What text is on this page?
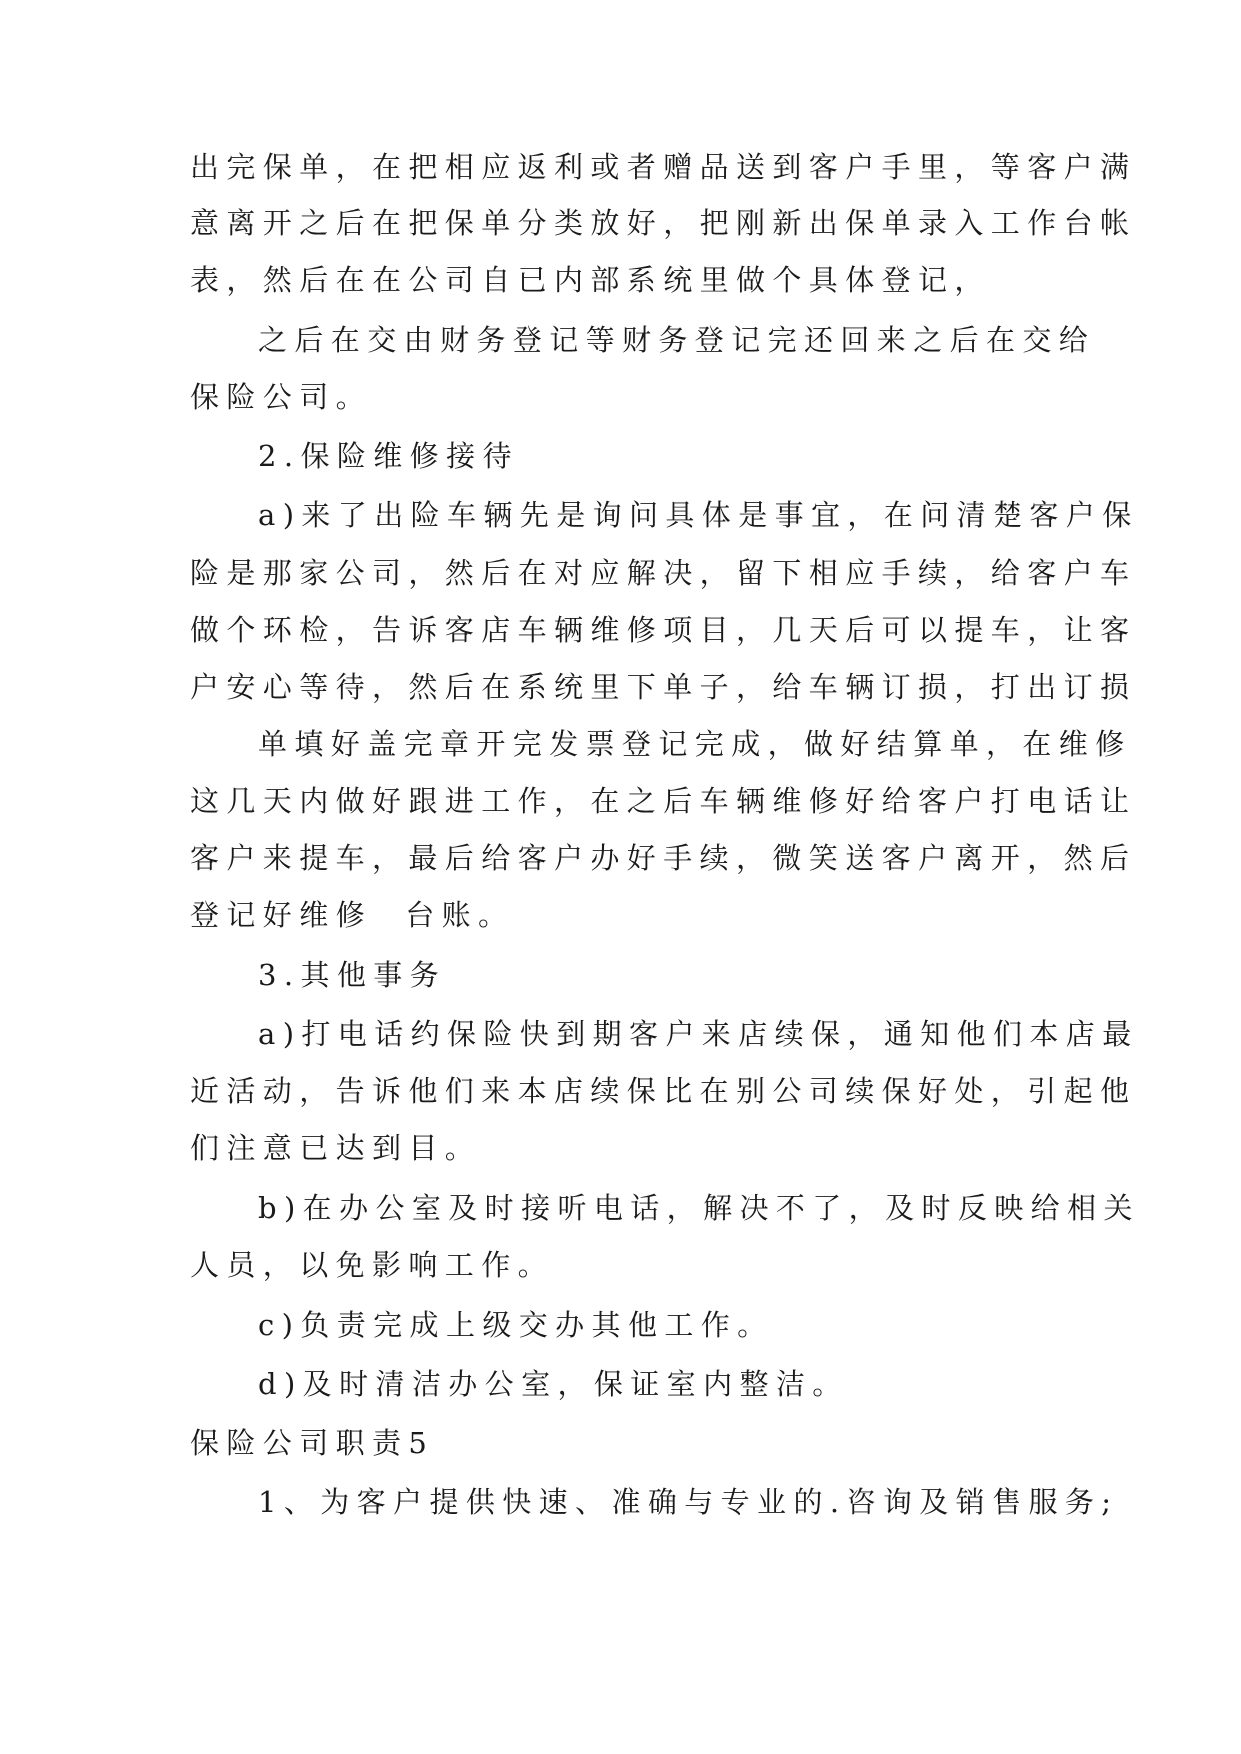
出完保单，在把相应返利或者赠品送到客户手里，等客户满
意离开之后在把保单分类放好，把刚新出保单录入工作台帐
表，然后在在公司自已内部系统里做个具体登记，
之后在交由财务登记等财务登记完还回来之后在交给
保险公司。
2.保险维修接待
a)来了出险车辆先是询问具体是事宜，在问清楚客户保
险是那家公司，然后在对应解决，留下相应手续，给客户车
做个环检，告诉客店车辆维修项目，几天后可以提车，让客
户安心等待，然后在系统里下单子，给车辆订损，打出订损
单填好盖完章开完发票登记完成，做好结算单，在维修
这几天内做好跟进工作，在之后车辆维修好给客户打电话让
客户来提车，最后给客户办好手续，微笑送客户离开，然后
登记好维修  台账。
3.其他事务
a)打电话约保险快到期客户来店续保，通知他们本店最
近活动，告诉他们来本店续保比在别公司续保好处，引起他
们注意已达到目。
b)在办公室及时接听电话，解决不了，及时反映给相关
人员，以免影响工作。
c)负责完成上级交办其他工作。
d)及时清洁办公室，保证室内整洁。
保险公司职责5
1、为客户提供快速、准确与专业的.咨询及销售服务;
